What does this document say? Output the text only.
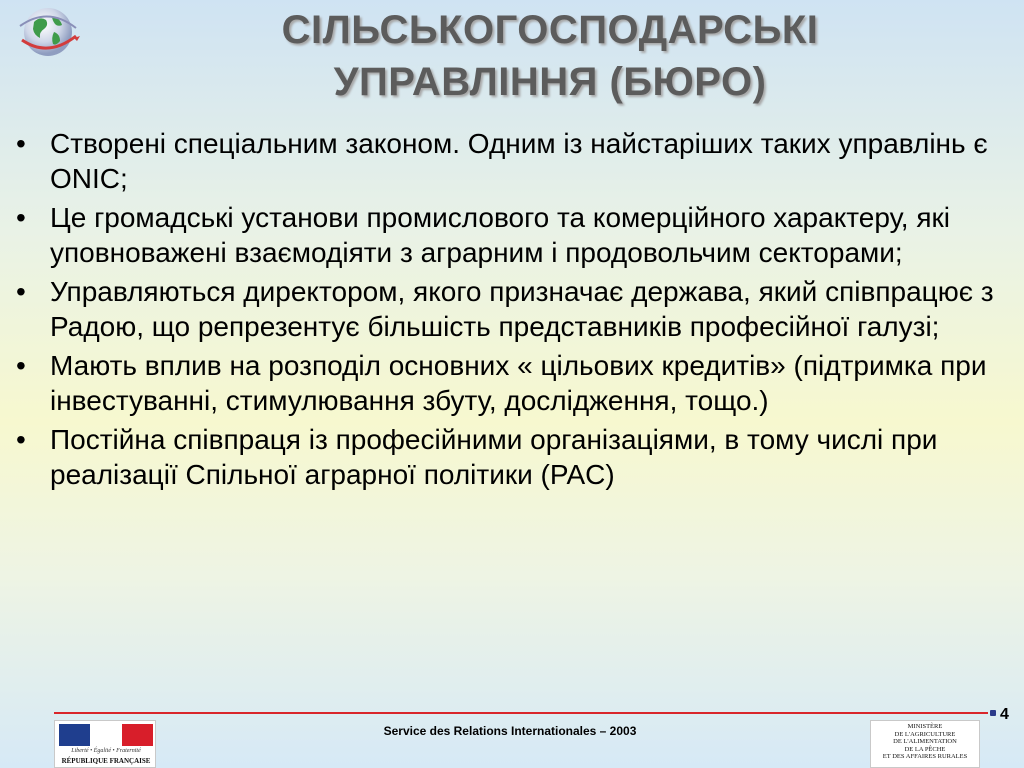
СІЛЬСЬКОГОСПОДАРСЬКІ
УПРАВЛІННЯ (БЮРО)
• Створені спеціальним законом. Одним із найстаріших таких управлінь є ONIC;
• Це громадські установи промислового та комерційного характеру, які уповноважені взаємодіяти з аграрним і продовольчим секторами;
• Управляються директором, якого призначає держава, який співпрацює з Радою, що репрезентує більшість представників професійної галузі;
• Мають вплив на розподіл основних « цільових кредитів» (підтримка при інвестуванні, стимулювання збуту, дослідження, тощо.)
• Постійна співпраця із професійними організаціями, в тому числі при реалізації Спільної аграрної політики (PAC)
4
Service des Relations Internationales – 2003
Liberté • Égalité • Fraternité
RÉPUBLIQUE FRANÇAISE
MINISTÈRE
DE L'AGRICULTURE
DE L'ALIMENTATION
DE LA PÊCHE
ET DES AFFAIRES RURALES
